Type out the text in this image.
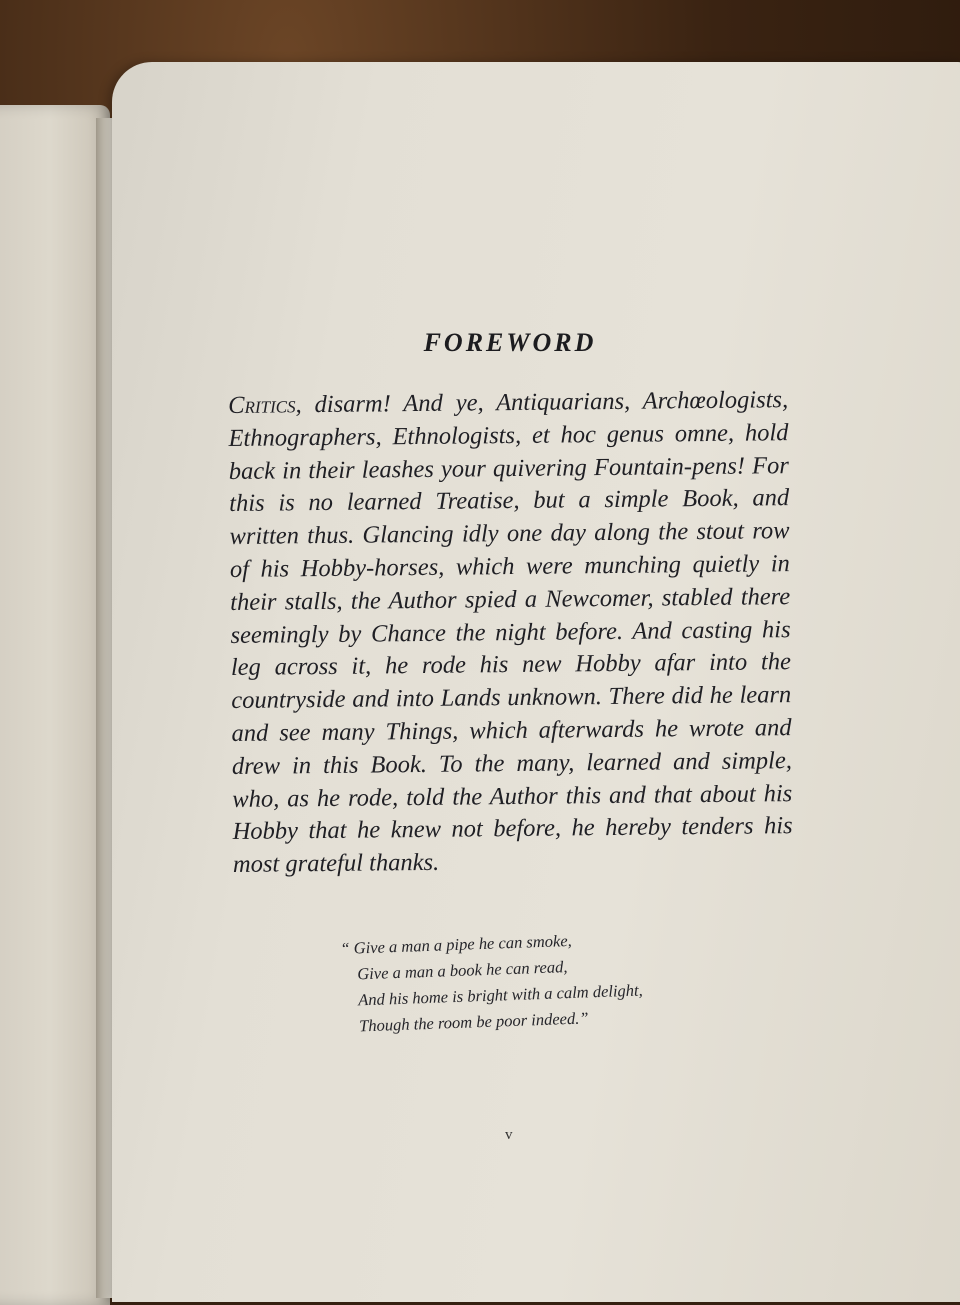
FOREWORD

Critics, disarm! And ye, Antiquarians, Archœologists, Ethnographers, Ethnologists, et hoc genus omne, hold back in their leashes your quivering Fountain-pens! For this is no learned Treatise, but a simple Book, and written thus. Glancing idly one day along the stout row of his Hobby-horses, which were munching quietly in their stalls, the Author spied a Newcomer, stabled there seemingly by Chance the night before. And casting his leg across it, he rode his new Hobby afar into the countryside and into Lands unknown. There did he learn and see many Things, which afterwards he wrote and drew in this Book. To the many, learned and simple, who, as he rode, told the Author this and that about his Hobby that he knew not before, he hereby tenders his most grateful thanks.

“ Give a man a pipe he can smoke,
Give a man a book he can read,
And his home is bright with a calm delight,
Though the room be poor indeed.”
v
